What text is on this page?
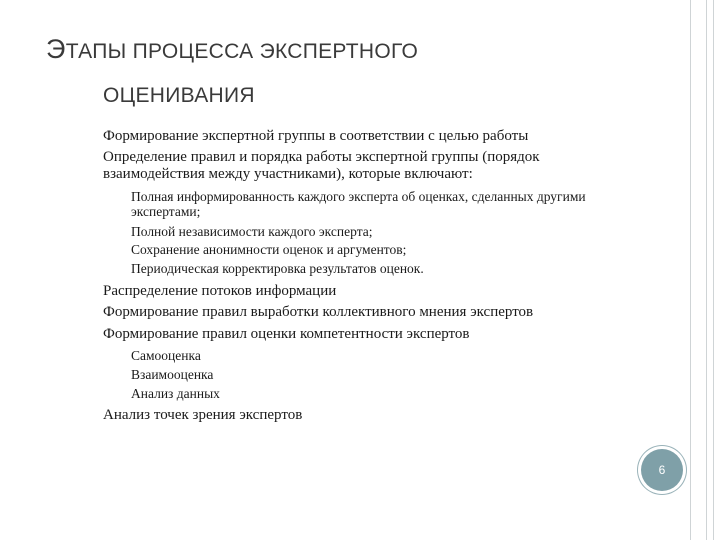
ЭТАПЫ ПРОЦЕССА ЭКСПЕРТНОГО
ОЦЕНИВАНИЯ
Формирование экспертной группы в соответствии с целью работы
Определение правил и порядка работы экспертной группы (порядок взаимодействия между участниками), которые включают:
Полная информированность каждого эксперта об оценках, сделанных другими экспертами;
Полной независимости каждого эксперта;
Сохранение анонимности оценок и аргументов;
Периодическая корректировка результатов оценок.
Распределение потоков информации
Формирование правил выработки коллективного мнения экспертов
Формирование правил оценки компетентности экспертов
Самооценка
Взаимооценка
Анализ данных
Анализ точек зрения экспертов
6
